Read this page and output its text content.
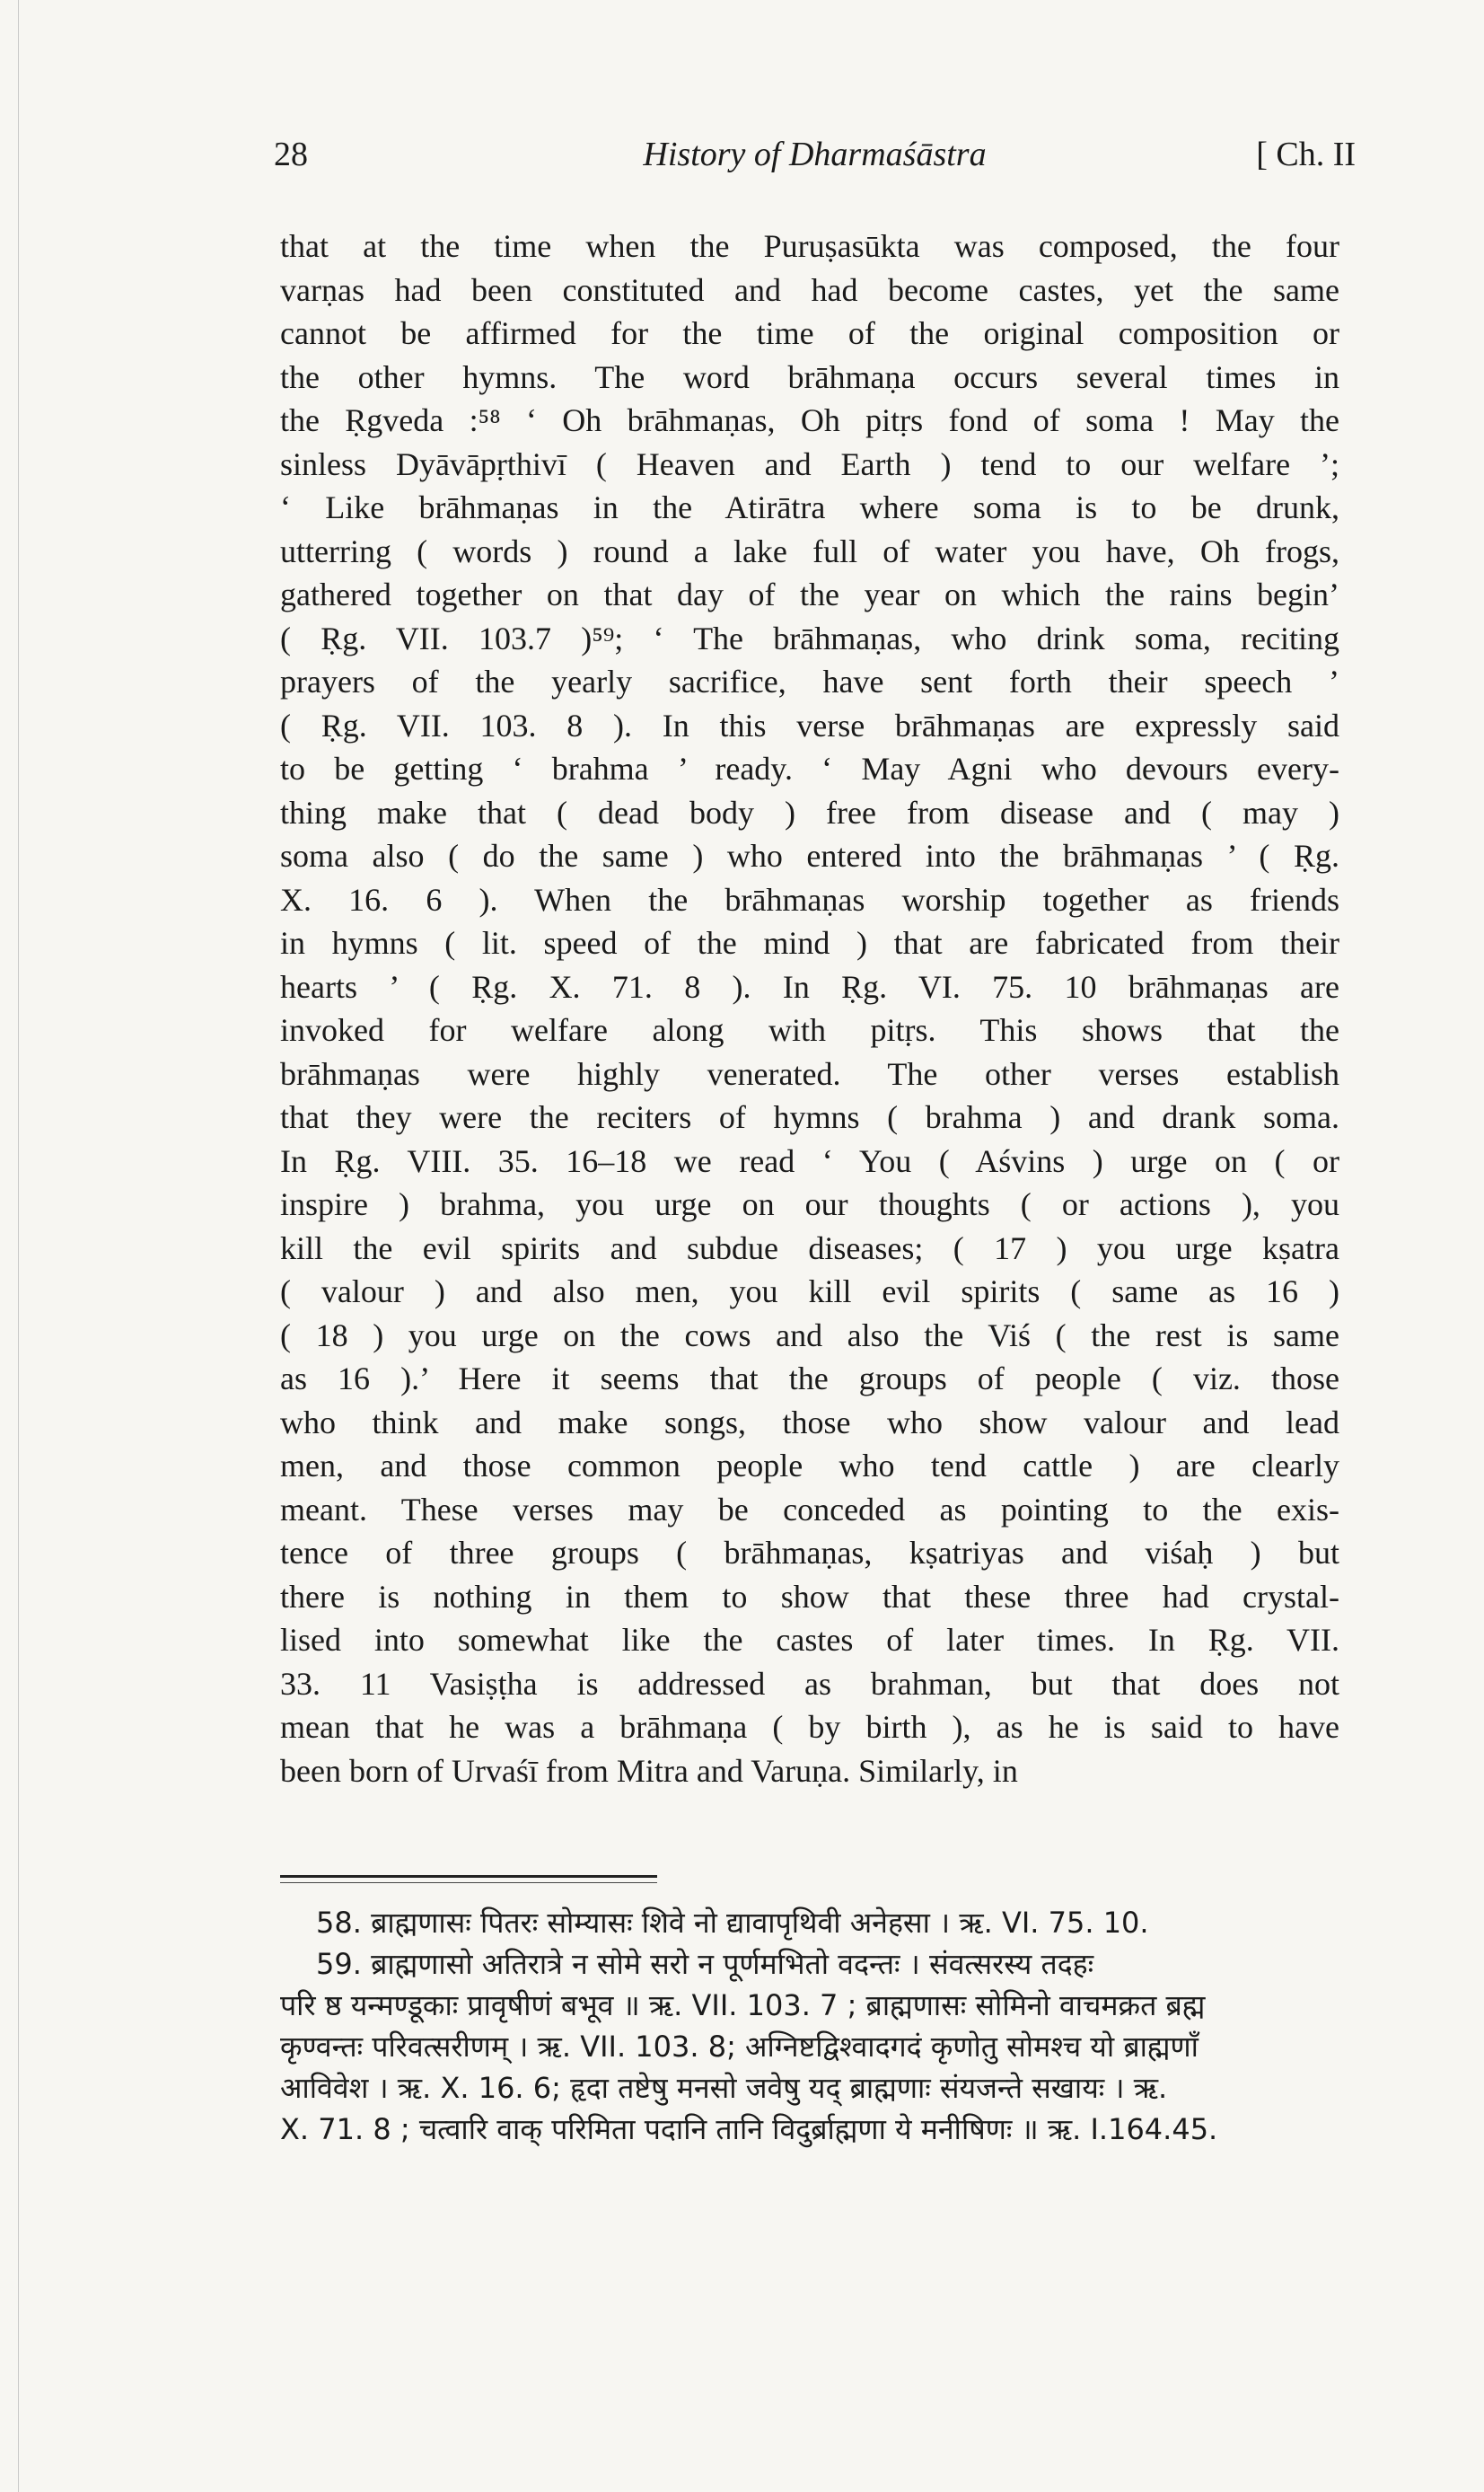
28	History of Dharmaśāstra	[ Ch. II
that at the time when the Puruṣasūkta was composed, the four
varṇas had been constituted and had become castes, yet the same
cannot be affirmed for the time of the original composition or
the other hymns. The word brāhmaṇa occurs several times in
the Ṛgveda :⁵⁸ ‘ Oh brāhmaṇas, Oh pitṛs fond of soma ! May the
sinless Dyāvāpṛthivī ( Heaven and Earth ) tend to our welfare ’;
‘ Like brāhmaṇas in the Atirātra where soma is to be drunk,
utterring ( words ) round a lake full of water you have, Oh frogs,
gathered together on that day of the year on which the rains begin’
( Ṛg. VII. 103.7 )⁵⁹; ‘ The brāhmaṇas, who drink soma, reciting
prayers of the yearly sacrifice, have sent forth their speech ’
( Ṛg. VII. 103. 8 ). In this verse brāhmaṇas are expressly said
to be getting ‘ brahma ’ ready. ‘ May Agni who devours every-
thing make that ( dead body ) free from disease and ( may )
soma also ( do the same ) who entered into the brāhmaṇas ’ ( Ṛg.
X. 16. 6 ). When the brāhmaṇas worship together as friends
in hymns ( lit. speed of the mind ) that are fabricated from their
hearts ’ ( Ṛg. X. 71. 8 ). In Ṛg. VI. 75. 10 brāhmaṇas are
invoked for welfare along with pitṛs. This shows that the
brāhmaṇas were highly venerated. The other verses establish
that they were the reciters of hymns ( brahma ) and drank soma.
In Ṛg. VIII. 35. 16–18 we read ‘ You ( Aśvins ) urge on ( or
inspire ) brahma, you urge on our thoughts ( or actions ), you
kill the evil spirits and subdue diseases; ( 17 ) you urge kṣatra
( valour ) and also men, you kill evil spirits ( same as 16 )
( 18 ) you urge on the cows and also the Viś ( the rest is same
as 16 ).’ Here it seems that the groups of people ( viz. those
who think and make songs, those who show valour and lead
men, and those common people who tend cattle ) are clearly
meant. These verses may be conceded as pointing to the exis-
tence of three groups ( brāhmaṇas, kṣatriyas and viśaḥ ) but
there is nothing in them to show that these three had crystal-
lised into somewhat like the castes of later times. In Ṛg. VII.
33. 11 Vasiṣṭha is addressed as brahman, but that does not
mean that he was a brāhmaṇa ( by birth ), as he is said to have
been born of Urvaśī from Mitra and Varuṇa. Similarly, in
58. ब्राह्मणासः पितरः सोम्यासः शिवे नो द्यावापृथिवी अनेहसा । ऋ. VI. 75. 10.
59. ब्राह्मणासो अतिरात्रे न सोमे सरो न पूर्णमभितो वदन्तः । संवत्सरस्य तदहः
परि ष्ठ यन्मण्डूकाः प्रावृषीणं बभूव ॥ ऋ. VII. 103. 7 ; ब्राह्मणासः सोमिनो वाचमक्रत ब्रह्म
कृण्वन्तः परिवत्सरीणम् । ऋ. VII. 103. 8; अग्निष्टद्विश्वादगदं कृणोतु सोमश्च यो ब्राह्मणाँ
आविवेश । ऋ. X. 16. 6; हृदा तष्टेषु मनसो जवेषु यद् ब्राह्मणाः संयजन्ते सखायः । ऋ.
X. 71. 8 ; चत्वारि वाक् परिमिता पदानि तानि विदुर्ब्राह्मणा ये मनीषिणः ॥ ऋ. I.164.45.
